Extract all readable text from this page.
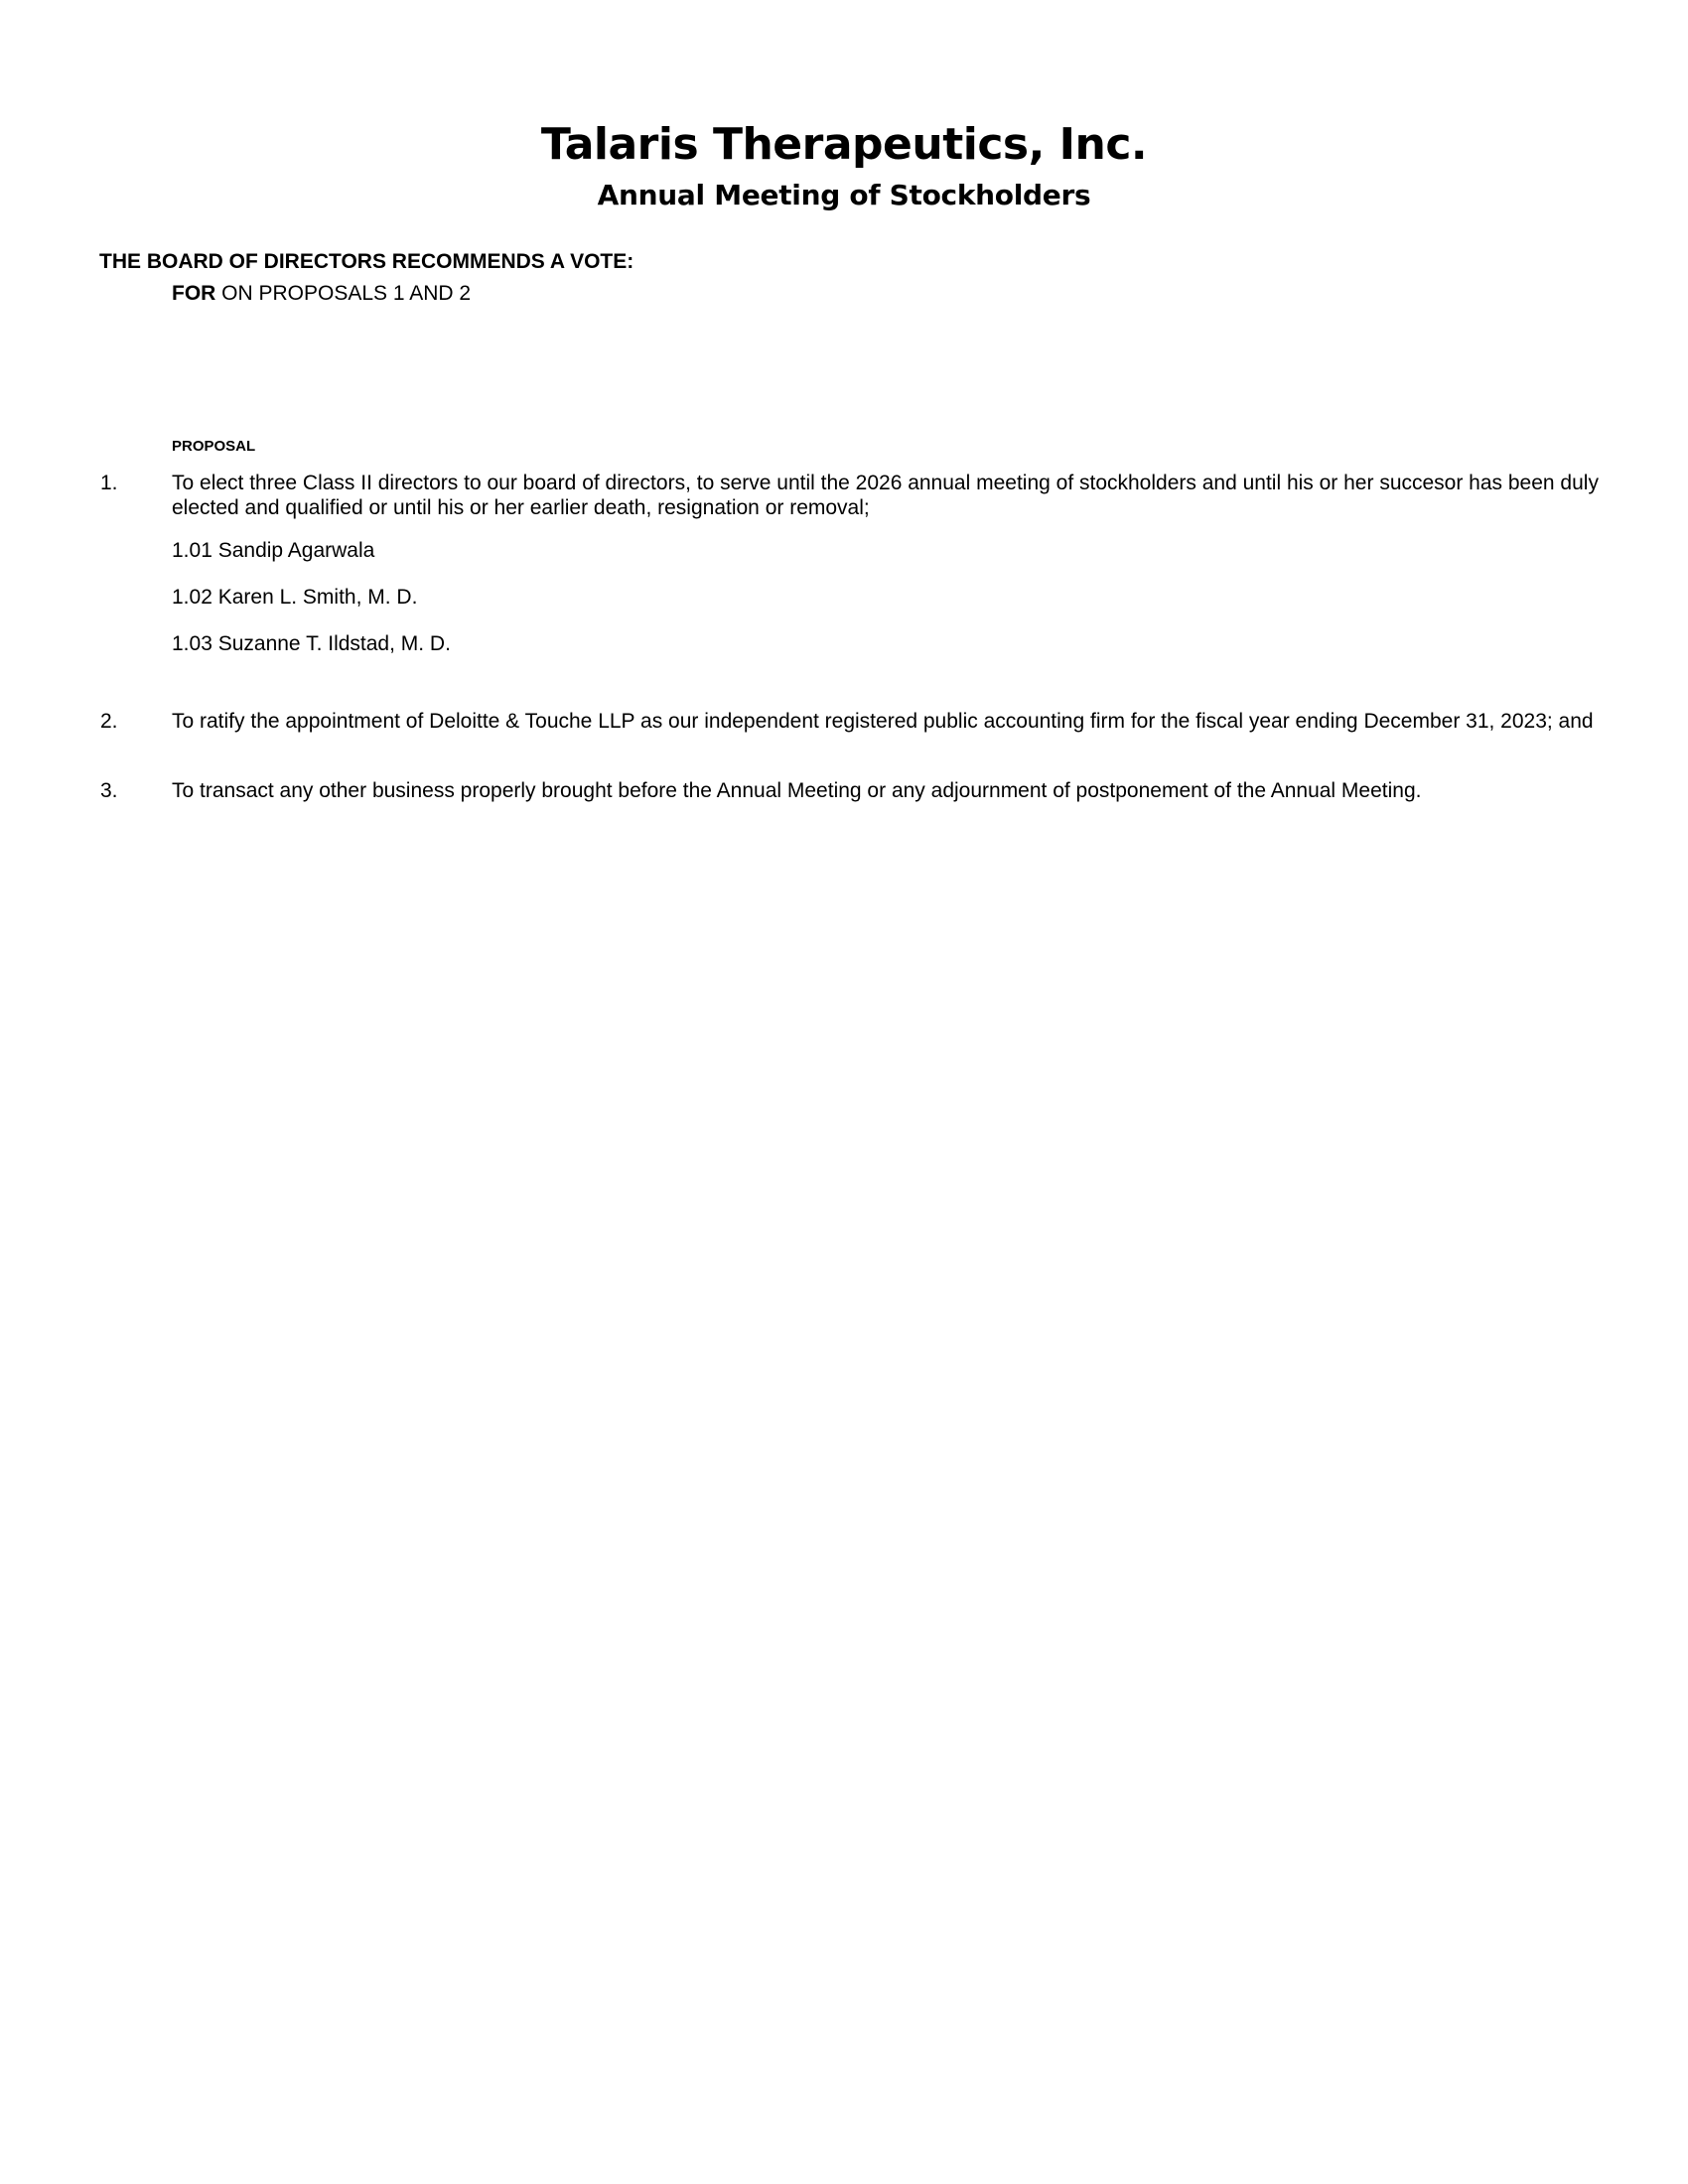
Talaris Therapeutics, Inc.
Annual Meeting of Stockholders
THE BOARD OF DIRECTORS RECOMMENDS A VOTE:
FOR ON PROPOSALS 1 AND 2
PROPOSAL
1.	To elect three Class II directors to our board of directors, to serve until the 2026 annual meeting of stockholders and until his or her succesor has been duly elected and qualified or until his or her earlier death, resignation or removal;
1.01 Sandip Agarwala
1.02 Karen L. Smith, M. D.
1.03 Suzanne T. Ildstad, M. D.
2.	To ratify the appointment of Deloitte & Touche LLP as our independent registered public accounting firm for the fiscal year ending December 31, 2023; and
3.	To transact any other business properly brought before the Annual Meeting or any adjournment of postponement of the Annual Meeting.
